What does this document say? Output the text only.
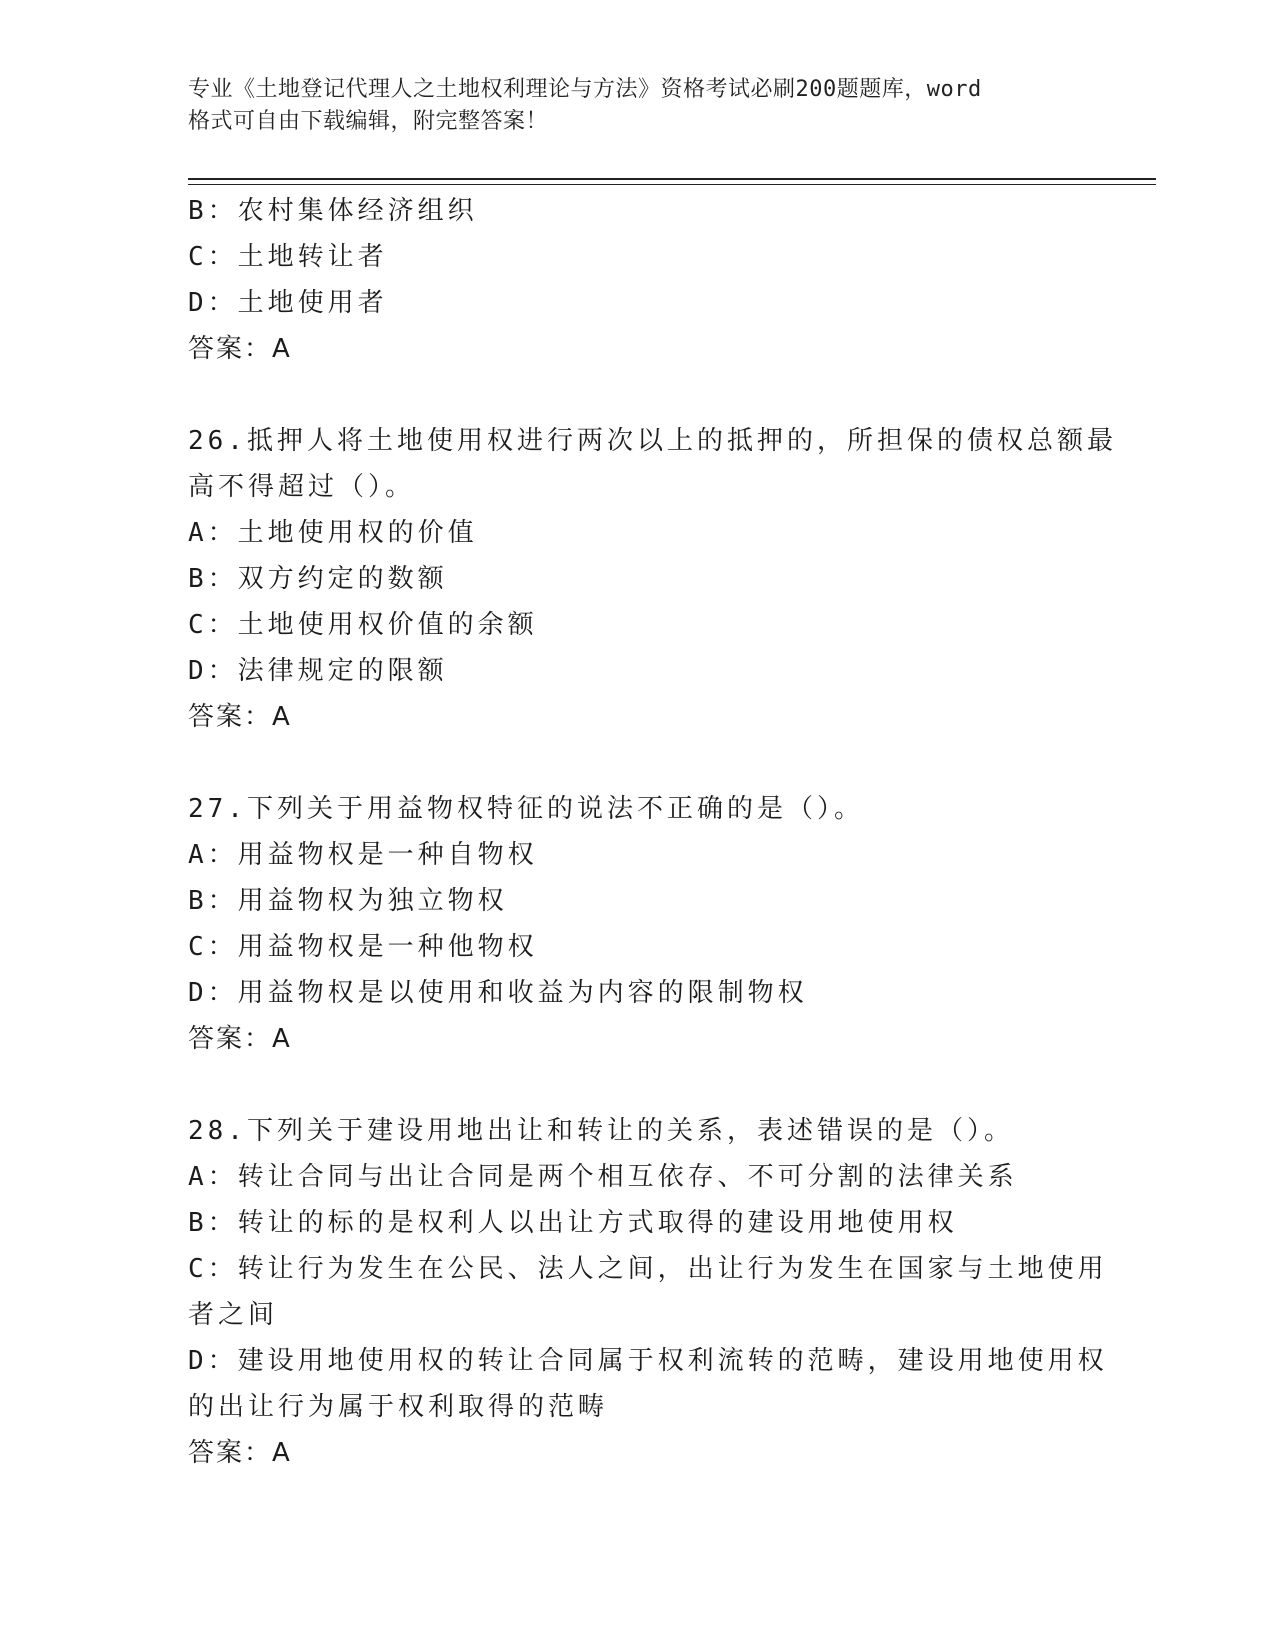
专业《土地登记代理人之土地权利理论与方法》资格考试必刷200题题库，word
格式可自由下载编辑，附完整答案！
B：农村集体经济组织
C：土地转让者
D：土地使用者
答案：A
26.抵押人将土地使用权进行两次以上的抵押的，所担保的债权总额最
高不得超过（）。
A：土地使用权的价值
B：双方约定的数额
C：土地使用权价值的余额
D：法律规定的限额
答案：A
27.下列关于用益物权特征的说法不正确的是（）。
A：用益物权是一种自物权
B：用益物权为独立物权
C：用益物权是一种他物权
D：用益物权是以使用和收益为内容的限制物权
答案：A
28.下列关于建设用地出让和转让的关系，表述错误的是（）。
A：转让合同与出让合同是两个相互依存、不可分割的法律关系
B：转让的标的是权利人以出让方式取得的建设用地使用权
C：转让行为发生在公民、法人之间，出让行为发生在国家与土地使用
者之间
D：建设用地使用权的转让合同属于权利流转的范畴，建设用地使用权
的出让行为属于权利取得的范畴
答案：A
